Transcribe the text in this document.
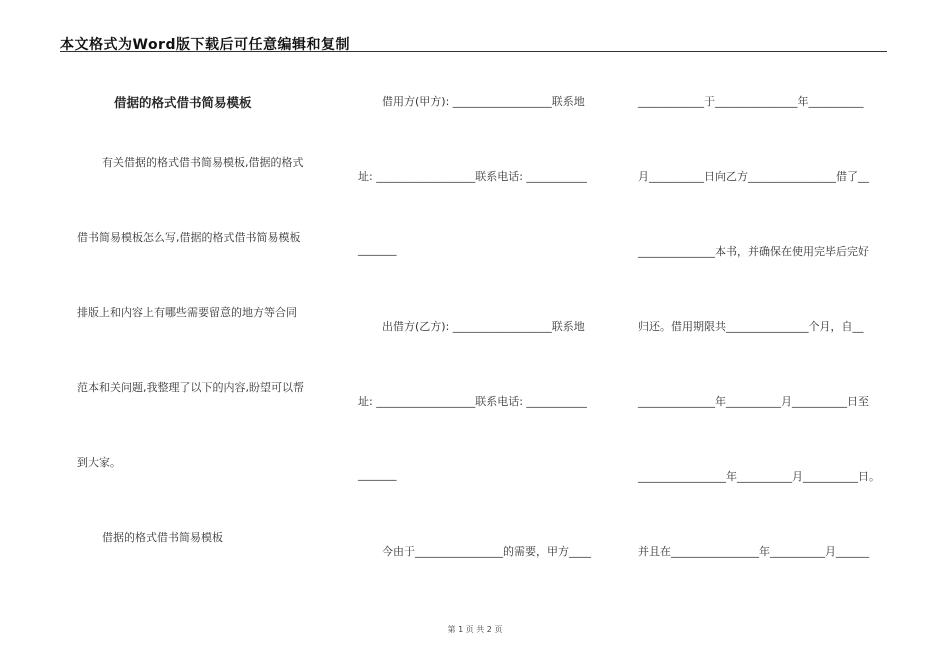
本文格式为Word版下载后可任意编辑和复制
借据的格式借书简易模板
有关借据的格式借书简易模板,借据的格式
借书简易模板怎么写,借据的格式借书简易模板
排版上和内容上有哪些需要留意的地方等合同
范本和关问题,我整理了以下的内容,盼望可以帮
到大家。
借据的格式借书简易模板
借用方(甲方): __________________联系地
址: __________________联系电话: ___________
_______
出借方(乙方): __________________联系地
址: __________________联系电话: ___________
_______
今由于________________的需要，甲方____
____________于_______________年__________
月__________日向乙方________________借了__
______________本书，并确保在使用完毕后完好
归还。借用期限共_______________个月，自__
______________年__________月__________日至
________________年__________月__________日。
并且在________________年__________月______
第 1 页 共 2 页
